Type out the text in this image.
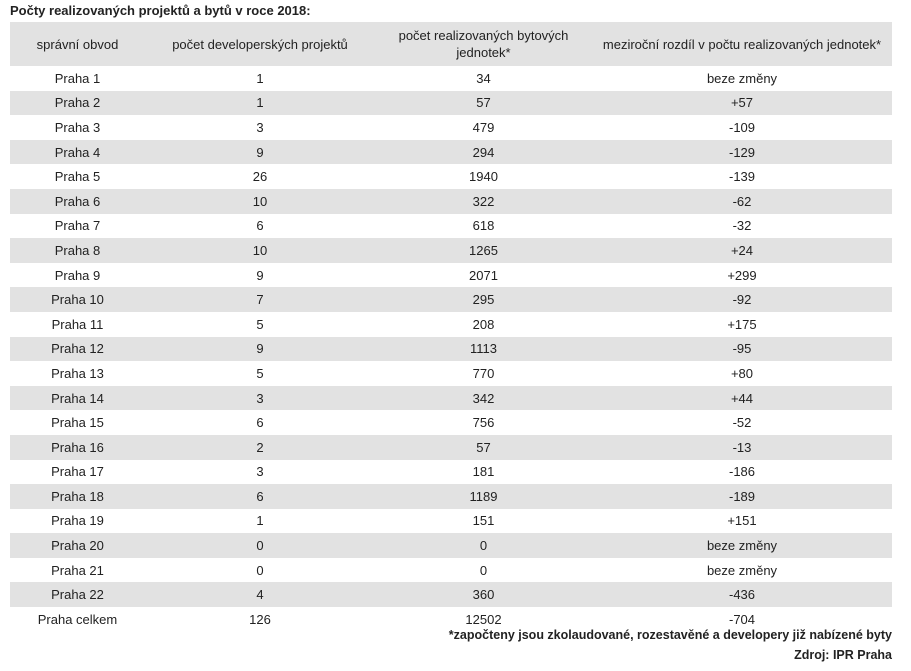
Počty realizovaných projektů a bytů v roce 2018:
správní obvod	počet developerských projektů	počet realizovaných bytových jednotek*	meziroční rozdíl v počtu realizovaných jednotek*
Praha 1	1	34	beze změny
Praha 2	1	57	+57
Praha 3	3	479	-109
Praha 4	9	294	-129
Praha 5	26	1940	-139
Praha 6	10	322	-62
Praha 7	6	618	-32
Praha 8	10	1265	+24
Praha 9	9	2071	+299
Praha 10	7	295	-92
Praha 11	5	208	+175
Praha 12	9	1113	-95
Praha 13	5	770	+80
Praha 14	3	342	+44
Praha 15	6	756	-52
Praha 16	2	57	-13
Praha 17	3	181	-186
Praha 18	6	1189	-189
Praha 19	1	151	+151
Praha 20	0	0	beze změny
Praha 21	0	0	beze změny
Praha 22	4	360	-436
Praha celkem	126	12502	-704
*započteny jsou zkolaudované, rozestavěné a developery již nabízené byty
Zdroj: IPR Praha
